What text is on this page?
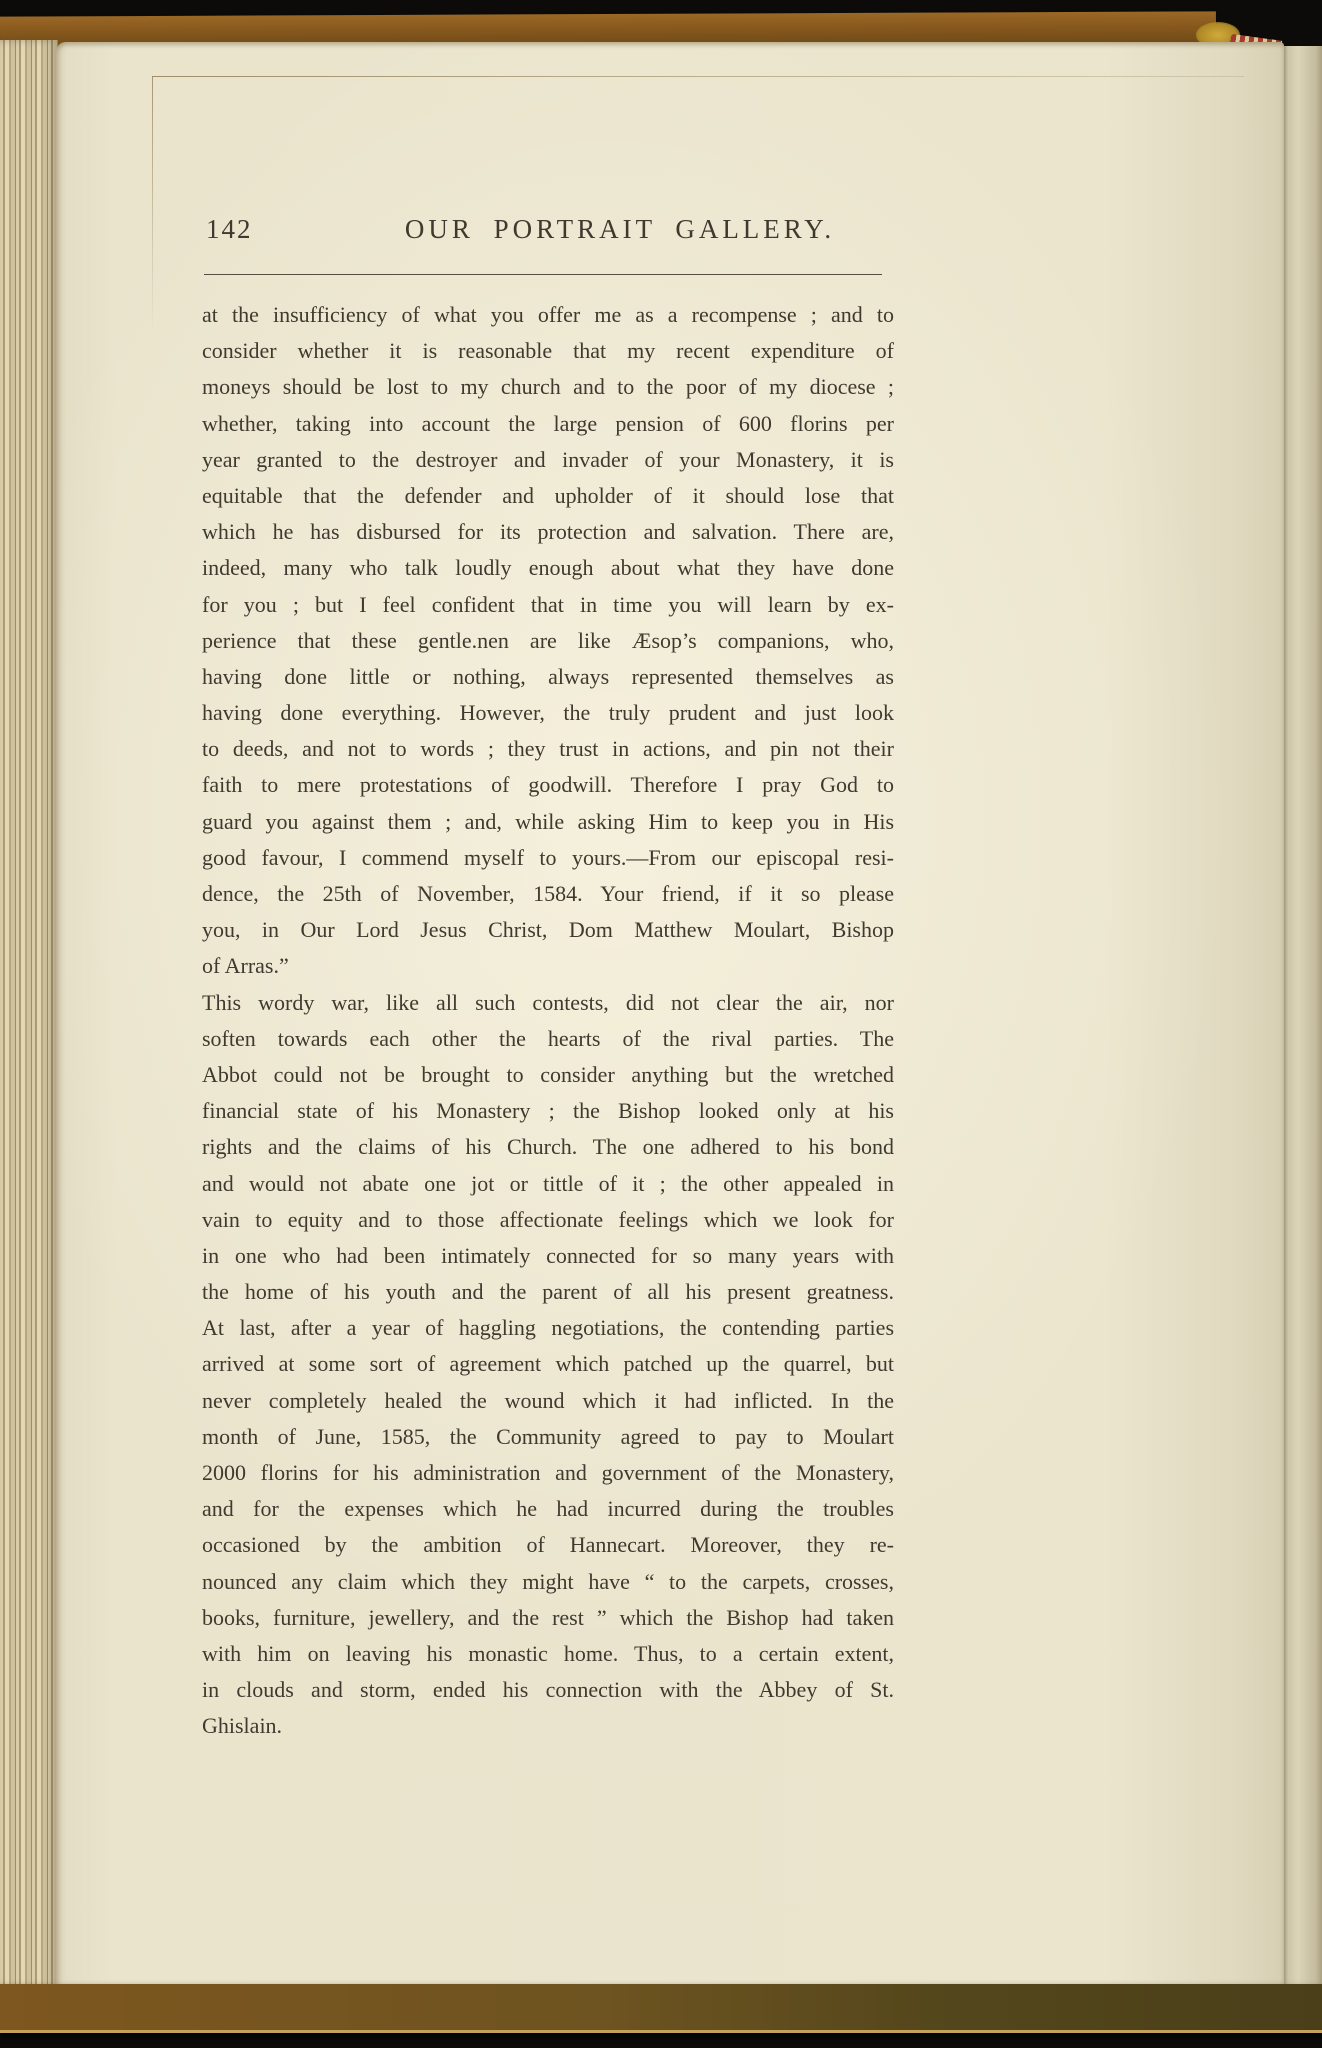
142	OUR PORTRAIT GALLERY.
at the insufficiency of what you offer me as a recompense ; and to
consider whether it is reasonable that my recent expenditure of
moneys should be lost to my church and to the poor of my diocese ;
whether, taking into account the large pension of 600 florins per
year granted to the destroyer and invader of your Monastery, it is
equitable that the defender and upholder of it should lose that
which he has disbursed for its protection and salvation. There are,
indeed, many who talk loudly enough about what they have done
for you ; but I feel confident that in time you will learn by ex-
perience that these gentle.nen are like Æsop’s companions, who,
having done little or nothing, always represented themselves as
having done everything. However, the truly prudent and just look
to deeds, and not to words ; they trust in actions, and pin not their
faith to mere protestations of goodwill. Therefore I pray God to
guard you against them ; and, while asking Him to keep you in His
good favour, I commend myself to yours.—From our episcopal resi-
dence, the 25th of November, 1584. Your friend, if it so please
you, in Our Lord Jesus Christ, Dom Matthew Moulart, Bishop
of Arras.”
This wordy war, like all such contests, did not clear the air, nor
soften towards each other the hearts of the rival parties. The
Abbot could not be brought to consider anything but the wretched
financial state of his Monastery ; the Bishop looked only at his
rights and the claims of his Church. The one adhered to his bond
and would not abate one jot or tittle of it ; the other appealed in
vain to equity and to those affectionate feelings which we look for
in one who had been intimately connected for so many years with
the home of his youth and the parent of all his present greatness.
At last, after a year of haggling negotiations, the contending parties
arrived at some sort of agreement which patched up the quarrel, but
never completely healed the wound which it had inflicted. In the
month of June, 1585, the Community agreed to pay to Moulart
2000 florins for his administration and government of the Monastery,
and for the expenses which he had incurred during the troubles
occasioned by the ambition of Hannecart. Moreover, they re-
nounced any claim which they might have “ to the carpets, crosses,
books, furniture, jewellery, and the rest ” which the Bishop had taken
with him on leaving his monastic home. Thus, to a certain extent,
in clouds and storm, ended his connection with the Abbey of St.
Ghislain.
